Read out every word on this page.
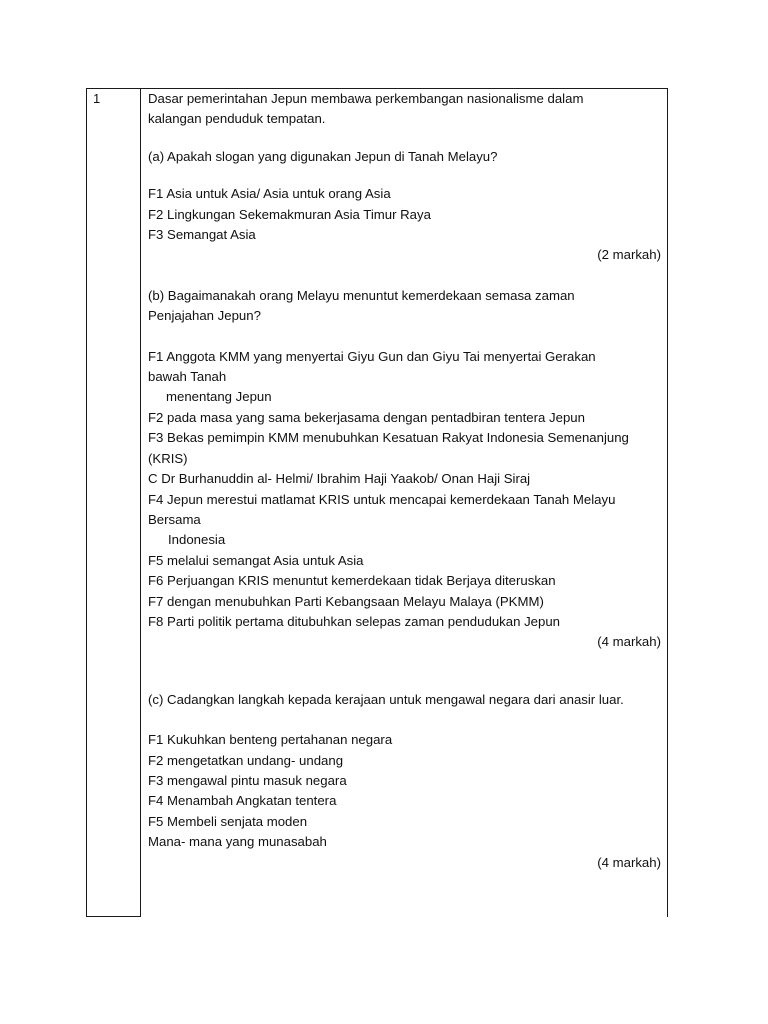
1	Dasar pemerintahan Jepun membawa perkembangan nasionalisme dalam

kalangan penduduk tempatan.

(a) Apakah slogan yang digunakan Jepun di Tanah Melayu?

F1 Asia untuk Asia/ Asia untuk orang Asia

F2 Lingkungan Sekemakmuran Asia Timur Raya

F3 Semangat Asia

(2 markah)

(b) Bagaimanakah orang Melayu menuntut kemerdekaan semasa zaman

Penjajahan Jepun?

F1 Anggota KMM yang menyertai Giyu Gun dan Giyu Tai menyertai Gerakan

bawah Tanah

menentang Jepun

F2 pada masa yang sama bekerjasama dengan pentadbiran tentera Jepun

F3 Bekas pemimpin KMM menubuhkan Kesatuan Rakyat Indonesia Semenanjung

(KRIS)

C Dr Burhanuddin al- Helmi/ Ibrahim Haji Yaakob/ Onan Haji Siraj

F4 Jepun merestui matlamat KRIS untuk mencapai kemerdekaan Tanah Melayu

Bersama

Indonesia

F5 melalui semangat Asia untuk Asia

F6 Perjuangan KRIS menuntut kemerdekaan tidak Berjaya diteruskan

F7 dengan menubuhkan Parti Kebangsaan Melayu Malaya (PKMM)

F8 Parti politik pertama ditubuhkan selepas zaman pendudukan Jepun

(4 markah)

(c) Cadangkan langkah kepada kerajaan untuk mengawal negara dari anasir luar.

F1 Kukuhkan benteng pertahanan negara

F2 mengetatkan undang- undang

F3 mengawal pintu masuk negara

F4 Menambah Angkatan tentera

F5 Membeli senjata moden

Mana- mana yang munasabah

(4 markah)
